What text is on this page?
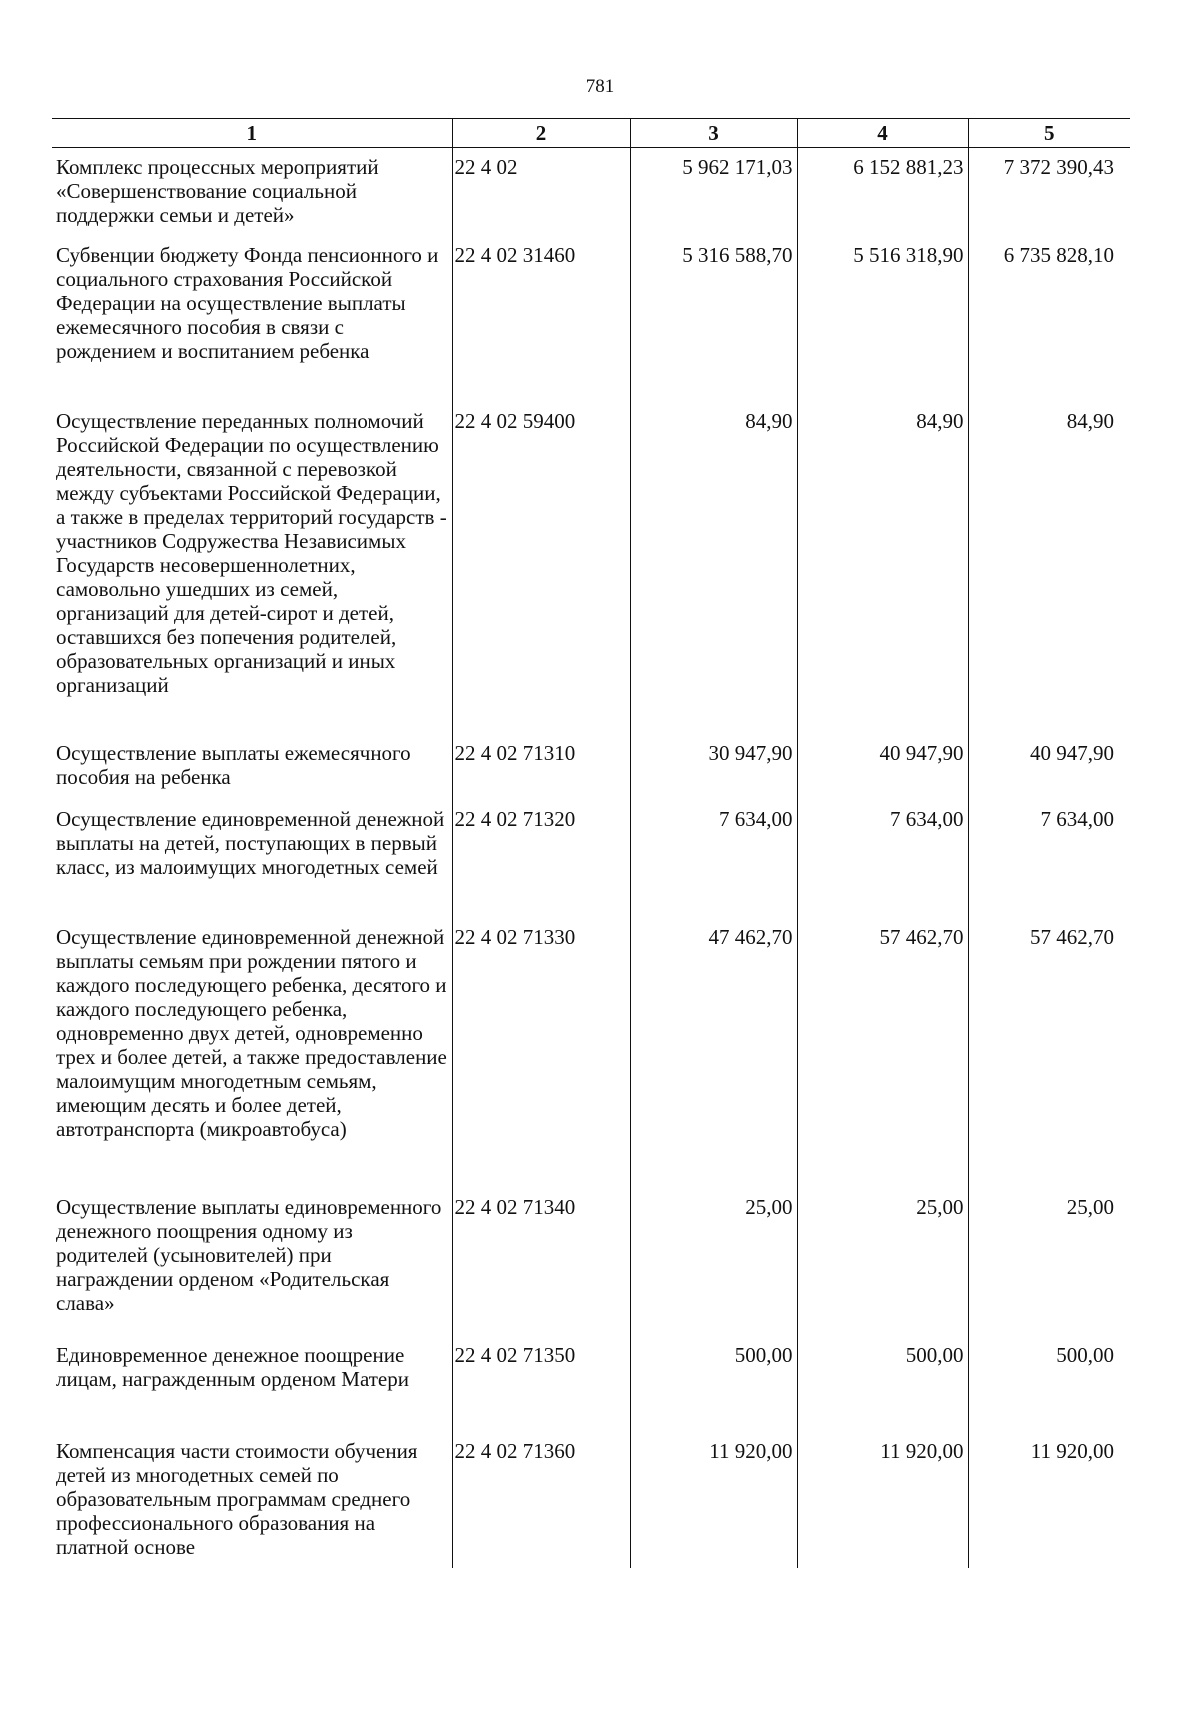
781
1	2	3	4	5
Комплекс процессных мероприятий «Совершенствование социальной поддержки семьи и детей»	22 4 02	5 962 171,03	6 152 881,23	7 372 390,43
Субвенции бюджету Фонда пенсионного и социального страхования Российской Федерации на осуществление выплаты ежемесячного пособия в связи с рождением и воспитанием ребенка	22 4 02 31460	5 316 588,70	5 516 318,90	6 735 828,10
Осуществление переданных полномочий Российской Федерации по осуществлению деятельности, связанной с перевозкой между субъектами Российской Федерации, а также в пределах территорий государств - участников Содружества Независимых Государств несовершеннолетних, самовольно ушедших из семей, организаций для детей-сирот и детей, оставшихся без попечения родителей, образовательных организаций и иных организаций	22 4 02 59400	84,90	84,90	84,90
Осуществление выплаты ежемесячного пособия на ребенка	22 4 02 71310	30 947,90	40 947,90	40 947,90
Осуществление единовременной денежной выплаты на детей, поступающих в первый класс, из малоимущих многодетных семей	22 4 02 71320	7 634,00	7 634,00	7 634,00
Осуществление единовременной денежной выплаты семьям при рождении пятого и каждого последующего ребенка, десятого и каждого последующего ребенка, одновременно двух детей, одновременно трех и более детей, а также предоставление малоимущим многодетным семьям, имеющим десять и более детей, автотранспорта (микроавтобуса)	22 4 02 71330	47 462,70	57 462,70	57 462,70
Осуществление выплаты единовременного денежного поощрения одному из родителей (усыновителей) при награждении орденом «Родительская слава»	22 4 02 71340	25,00	25,00	25,00
Единовременное денежное поощрение лицам, награжденным орденом Матери	22 4 02 71350	500,00	500,00	500,00
Компенсация части стоимости обучения детей из многодетных семей по образовательным программам среднего профессионального образования на платной основе	22 4 02 71360	11 920,00	11 920,00	11 920,00
